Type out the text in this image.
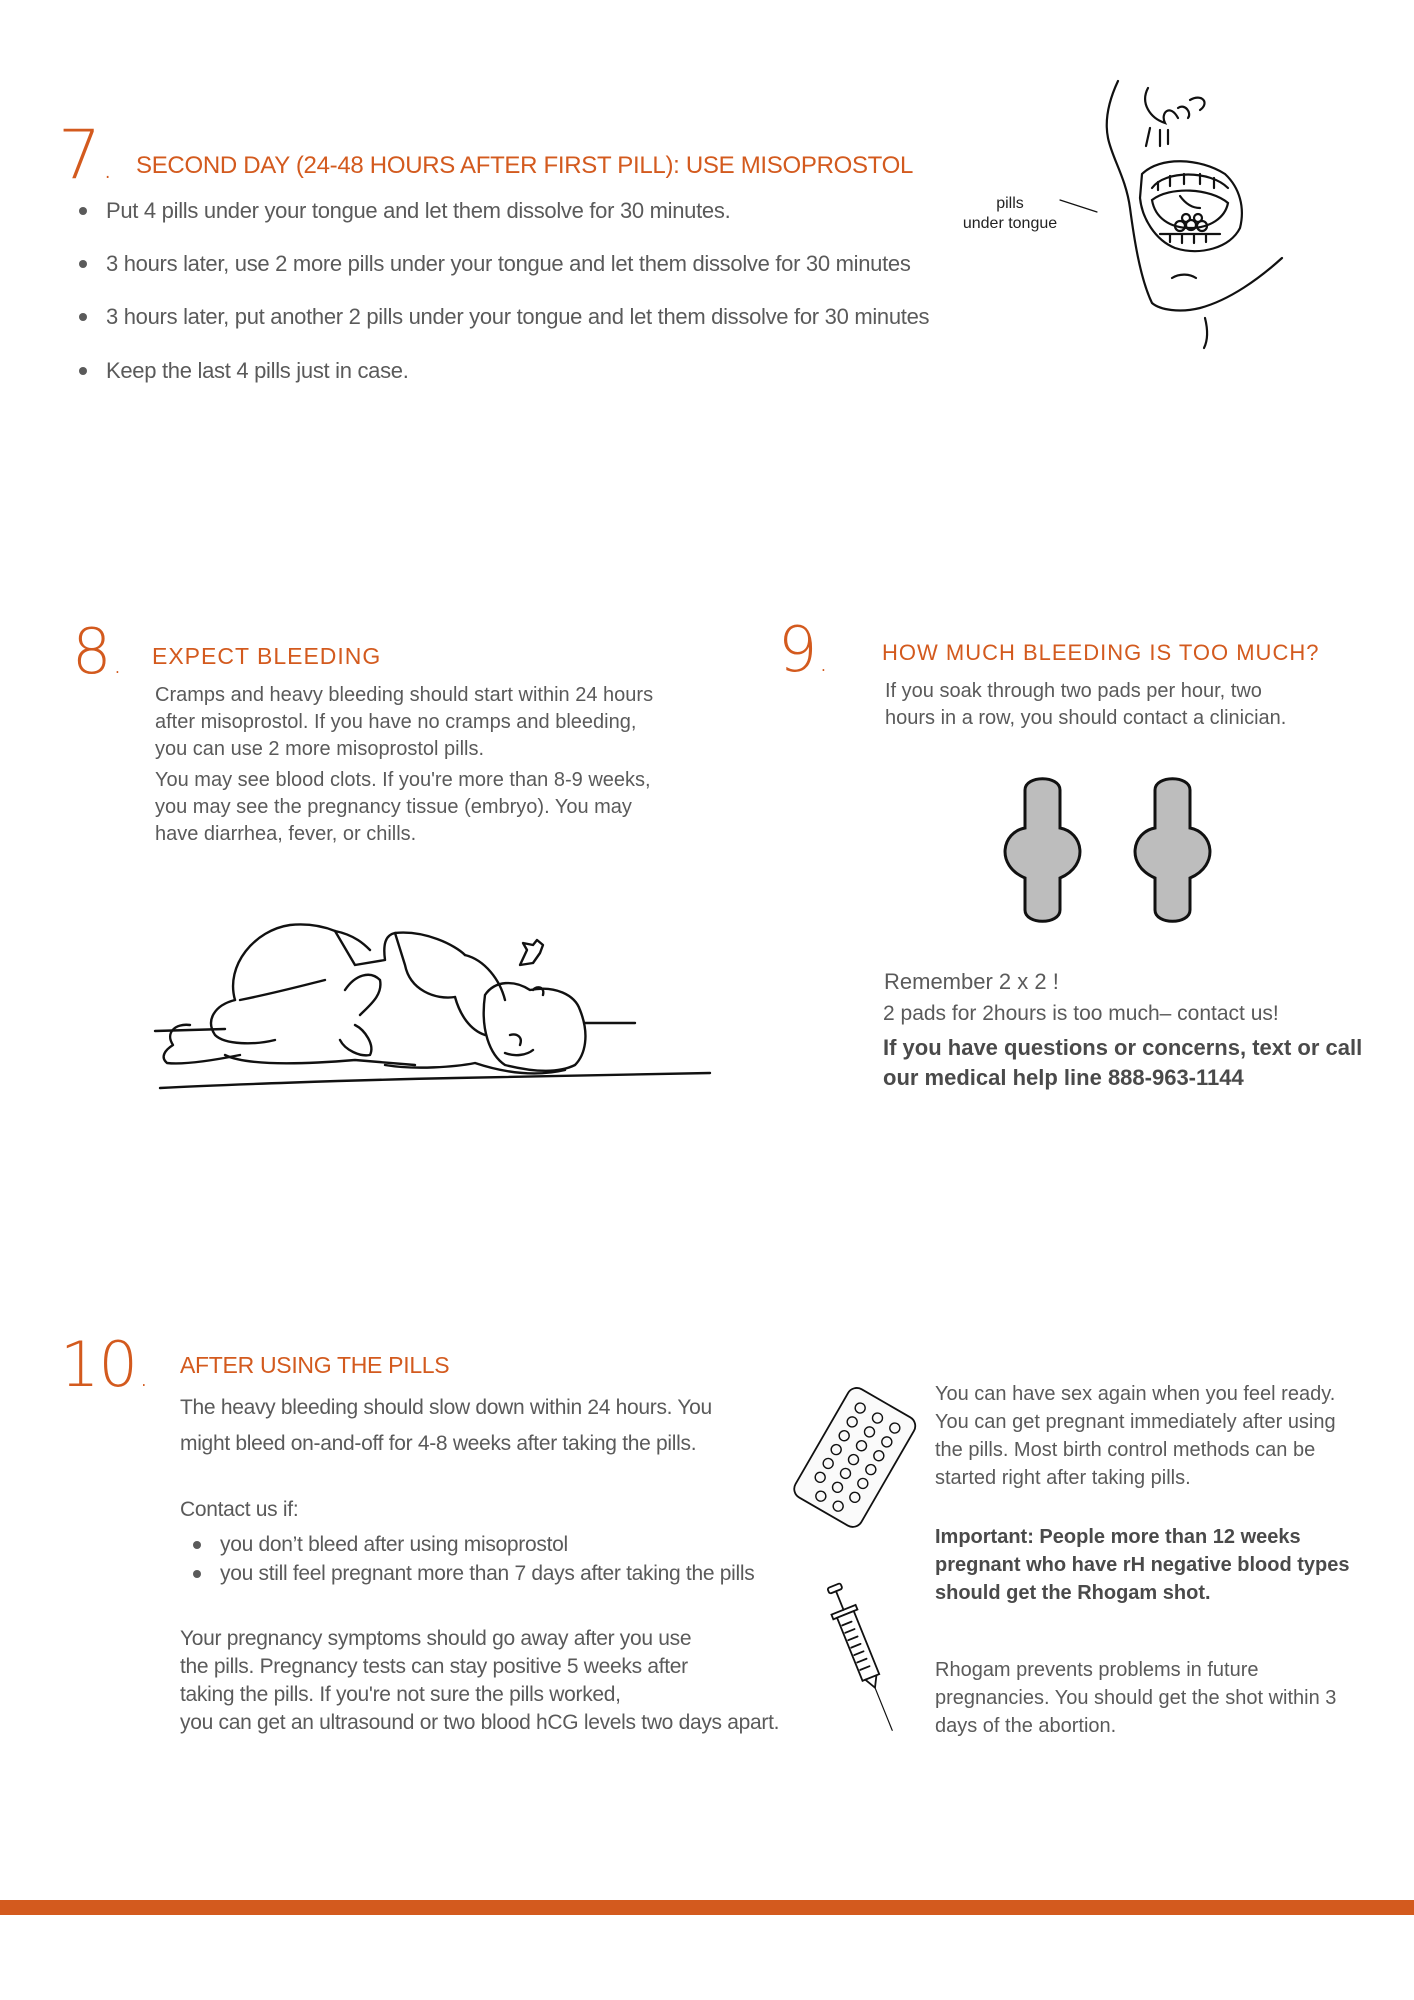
7. SECOND DAY (24-48 HOURS AFTER FIRST PILL): USE MISOPROSTOL
Put 4 pills under your tongue and let them dissolve for 30 minutes.
3 hours later, use 2 more pills under your tongue and let them dissolve for 30 minutes
3 hours later, put another 2 pills under your tongue and let them dissolve for 30 minutes
Keep the last 4 pills just in case.
pills
under tongue
8. EXPECT BLEEDING
Cramps and heavy bleeding should start within 24 hours
after misoprostol. If you have no cramps and bleeding,
you can use 2 more misoprostol pills.
You may see blood clots. If you're more than 8-9 weeks,
you may see the pregnancy tissue (embryo). You may
have diarrhea, fever, or chills.
9. HOW MUCH BLEEDING IS TOO MUCH?
If you soak through two pads per hour, two
hours in a row, you should contact a clinician.
Remember 2 x 2 !
2 pads for 2hours is too much– contact us!
If you have questions or concerns, text or call
our medical help line 888-963-1144
10. AFTER USING THE PILLS
The heavy bleeding should slow down within 24 hours. You
might bleed on-and-off for 4-8 weeks after taking the pills.
Contact us if:
you don’t bleed after using misoprostol
you still feel pregnant more than 7 days after taking the pills
Your pregnancy symptoms should go away after you use
the pills. Pregnancy tests can stay positive 5 weeks after
taking the pills. If you're not sure the pills worked,
you can get an ultrasound or two blood hCG levels two days apart.
You can have sex again when you feel ready.
You can get pregnant immediately after using
the pills. Most birth control methods can be
started right after taking pills.
Important: People more than 12 weeks
pregnant who have rH negative blood types
should get the Rhogam shot.
Rhogam prevents problems in future
pregnancies. You should get the shot within 3
days of the abortion.
